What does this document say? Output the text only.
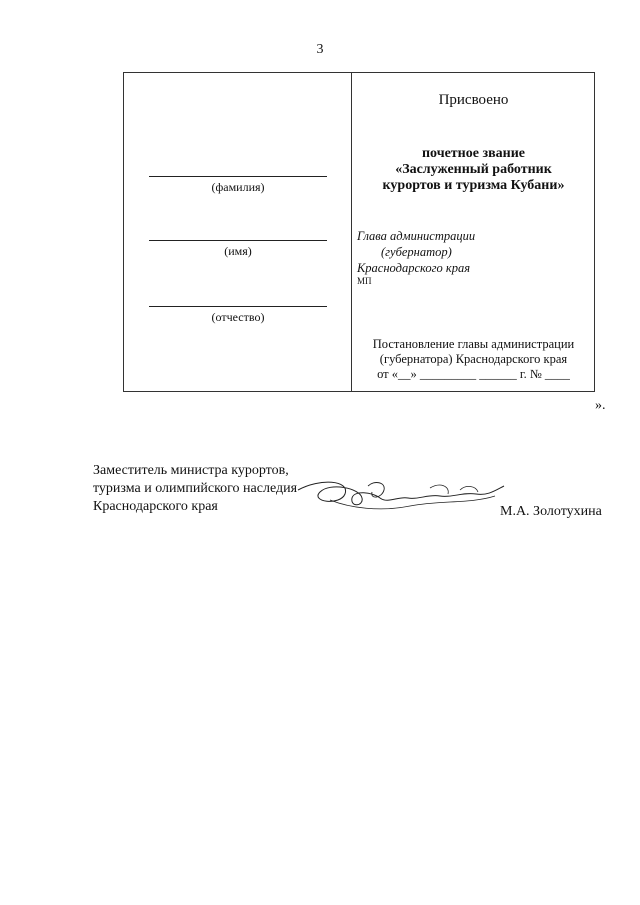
3
(фамилия)
(имя)
(отчество)
Присвоено
почетное звание
«Заслуженный работник
курортов и туризма Кубани»
Глава администрации
(губернатор)
Краснодарского края
МП
Постановление главы администрации
(губернатора) Краснодарского края
от «__» _________ ______ г. № ____
».
Заместитель министра курортов,
туризма и олимпийского наследия
Краснодарского края	М.А. Золотухина
